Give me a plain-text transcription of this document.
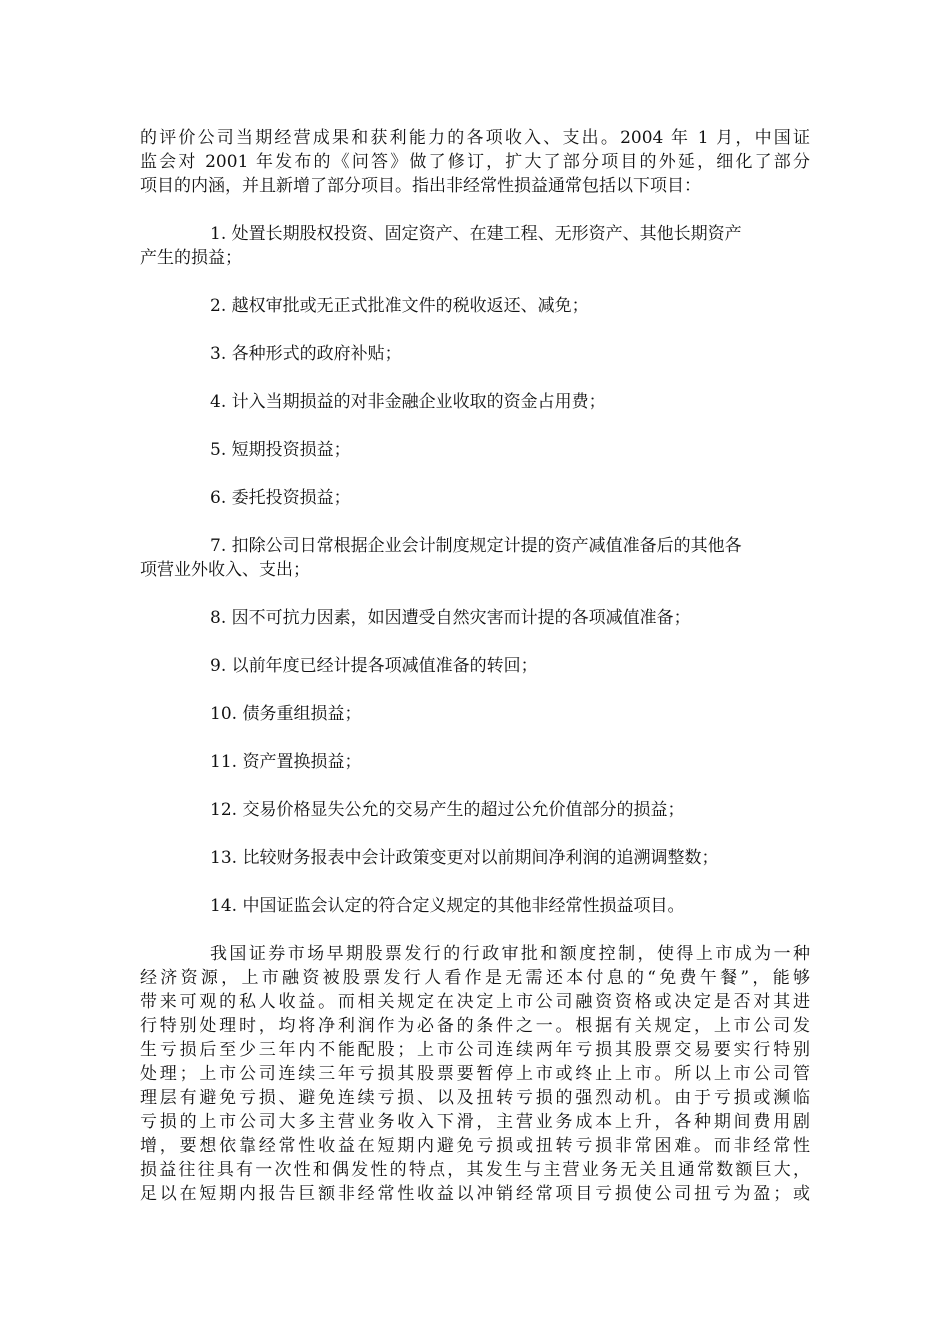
的评价公司当期经营成果和获利能力的各项收入、支出。2004 年 1 月，中国证
监会对 2001 年发布的《问答》做了修订，扩大了部分项目的外延，细化了部分
项目的内涵，并且新增了部分项目。指出非经常性损益通常包括以下项目：
1. 处置长期股权投资、固定资产、在建工程、无形资产、其他长期资产
产生的损益；
2. 越权审批或无正式批准文件的税收返还、减免；
3. 各种形式的政府补贴；
4. 计入当期损益的对非金融企业收取的资金占用费；
5. 短期投资损益；
6. 委托投资损益；
7. 扣除公司日常根据企业会计制度规定计提的资产减值准备后的其他各
项营业外收入、支出；
8. 因不可抗力因素，如因遭受自然灾害而计提的各项减值准备；
9. 以前年度已经计提各项减值准备的转回；
10. 债务重组损益；
11. 资产置换损益；
12. 交易价格显失公允的交易产生的超过公允价值部分的损益；
13. 比较财务报表中会计政策变更对以前期间净利润的追溯调整数；
14. 中国证监会认定的符合定义规定的其他非经常性损益项目。
我国证券市场早期股票发行的行政审批和额度控制，使得上市成为一种
经济资源，上市融资被股票发行人看作是无需还本付息的“免费午餐”，能够
带来可观的私人收益。而相关规定在决定上市公司融资资格或决定是否对其进
行特别处理时，均将净利润作为必备的条件之一。根据有关规定，上市公司发
生亏损后至少三年内不能配股；上市公司连续两年亏损其股票交易要实行特别
处理；上市公司连续三年亏损其股票要暂停上市或终止上市。所以上市公司管
理层有避免亏损、避免连续亏损、以及扭转亏损的强烈动机。由于亏损或濒临
亏损的上市公司大多主营业务收入下滑，主营业务成本上升，各种期间费用剧
增，要想依靠经常性收益在短期内避免亏损或扭转亏损非常困难。而非经常性
损益往往具有一次性和偶发性的特点，其发生与主营业务无关且通常数额巨大，
足以在短期内报告巨额非经常性收益以冲销经常项目亏损使公司扭亏为盈；或
